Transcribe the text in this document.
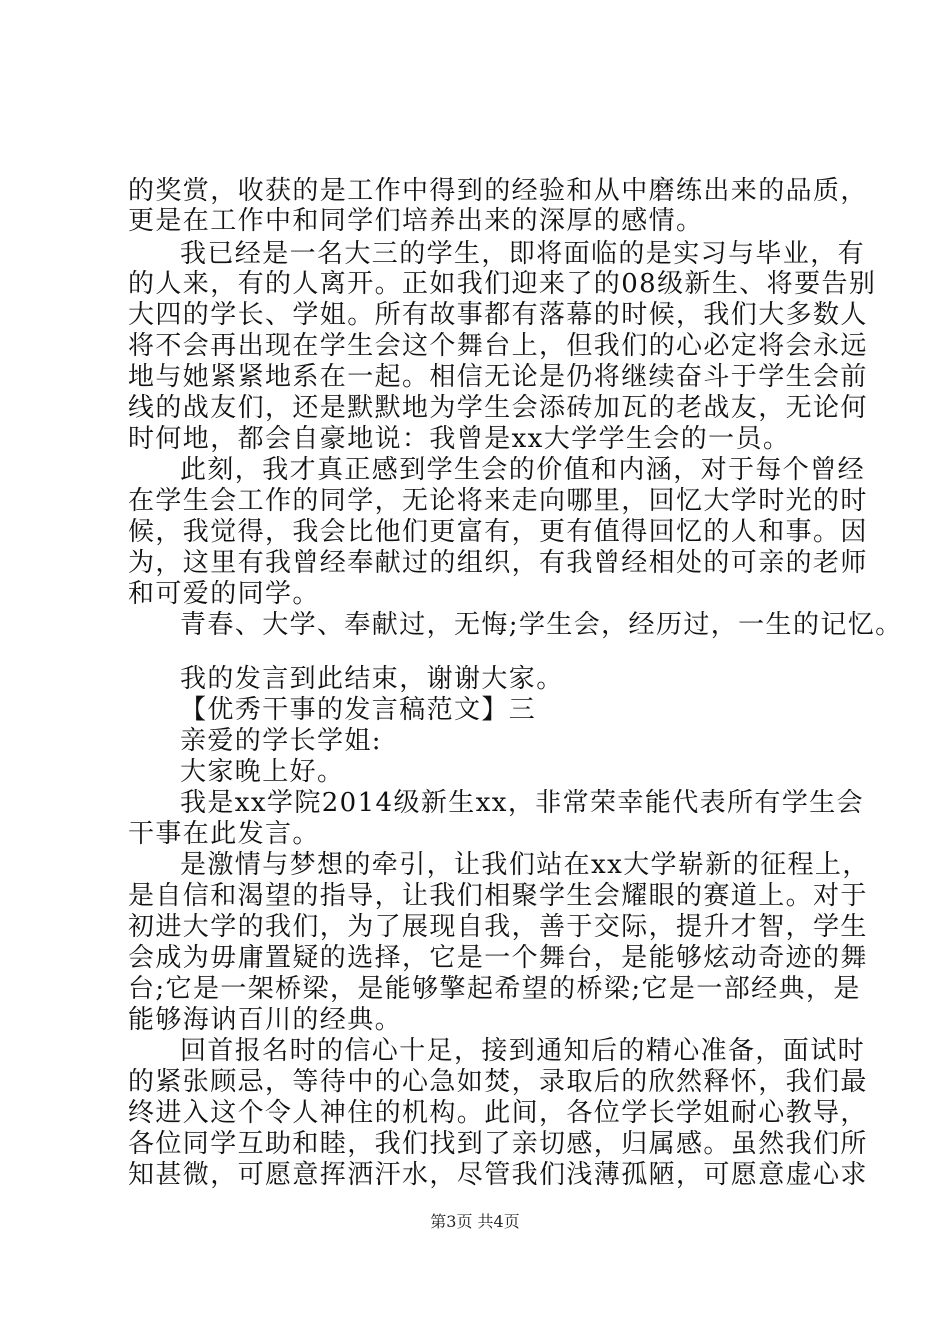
的奖赏，收获的是工作中得到的经验和从中磨练出来的品质，
更是在工作中和同学们培养出来的深厚的感情。
我已经是一名大三的学生，即将面临的是实习与毕业，有
的人来，有的人离开。正如我们迎来了的08级新生、将要告别
大四的学长、学姐。所有故事都有落幕的时候，我们大多数人
将不会再出现在学生会这个舞台上，但我们的心必定将会永远
地与她紧紧地系在一起。相信无论是仍将继续奋斗于学生会前
线的战友们，还是默默地为学生会添砖加瓦的老战友，无论何
时何地，都会自豪地说：我曾是xx大学学生会的一员。
此刻，我才真正感到学生会的价值和内涵，对于每个曾经
在学生会工作的同学，无论将来走向哪里，回忆大学时光的时
候，我觉得，我会比他们更富有，更有值得回忆的人和事。因
为，这里有我曾经奉献过的组织，有我曾经相处的可亲的老师
和可爱的同学。
青春、大学、奉献过，无悔;学生会，经历过，一生的记忆。
我的发言到此结束，谢谢大家。
【优秀干事的发言稿范文】三
亲爱的学长学姐:
大家晚上好。
我是xx学院2014级新生xx，非常荣幸能代表所有学生会
干事在此发言。
是激情与梦想的牵引，让我们站在xx大学崭新的征程上，
是自信和渴望的指导，让我们相聚学生会耀眼的赛道上。对于
初进大学的我们，为了展现自我，善于交际，提升才智，学生
会成为毋庸置疑的选择，它是一个舞台，是能够炫动奇迹的舞
台;它是一架桥梁，是能够擎起希望的桥梁;它是一部经典，是
能够海讷百川的经典。
回首报名时的信心十足，接到通知后的精心准备，面试时
的紧张顾忌，等待中的心急如焚，录取后的欣然释怀，我们最
终进入这个令人神住的机构。此间，各位学长学姐耐心教导，
各位同学互助和睦，我们找到了亲切感，归属感。虽然我们所
知甚微，可愿意挥洒汗水，尽管我们浅薄孤陋，可愿意虚心求
第3页 共4页
